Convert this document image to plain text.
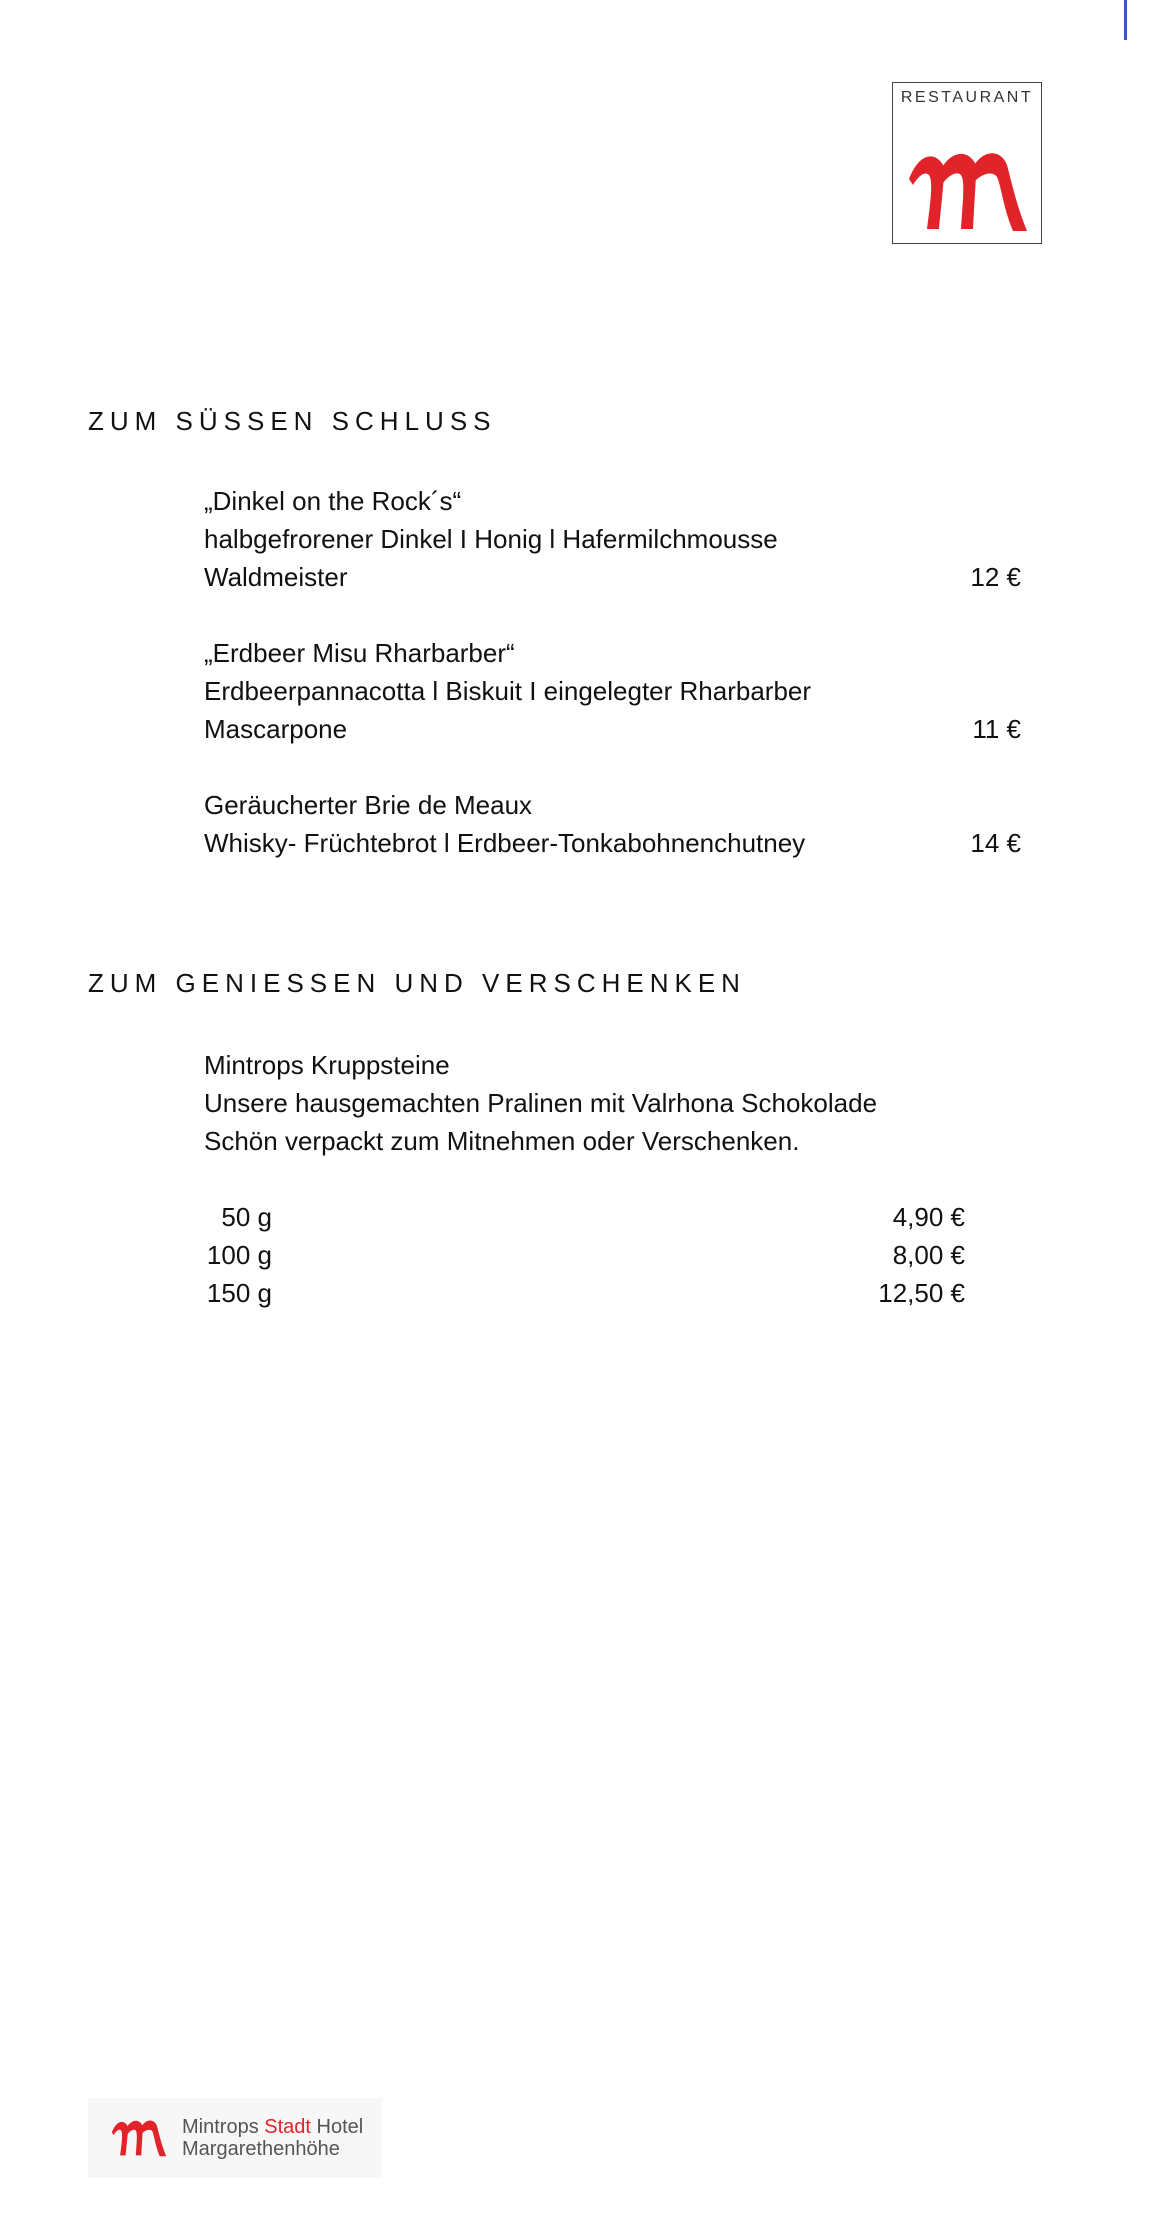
RESTAURANT
ZUM SÜSSEN SCHLUSS
„Dinkel on the Rock´s“
halbgefrorener Dinkel I Honig l Hafermilchmousse
Waldmeister	12 €
„Erdbeer Misu Rharbarber“
Erdbeerpannacotta l Biskuit I eingelegter Rharbarber
Mascarpone	11 €
Geräucherter Brie de Meaux
Whisky- Früchtebrot l Erdbeer-Tonkabohnenchutney	14 €
ZUM GENIESSEN UND VERSCHENKEN
Mintrops Kruppsteine
Unsere hausgemachten Pralinen mit Valrhona Schokolade
Schön verpackt zum Mitnehmen oder Verschenken.
50 g	4,90 €
100 g	8,00 €
150 g	12,50 €
Mintrops Stadt Hotel
Margarethenhöhe
